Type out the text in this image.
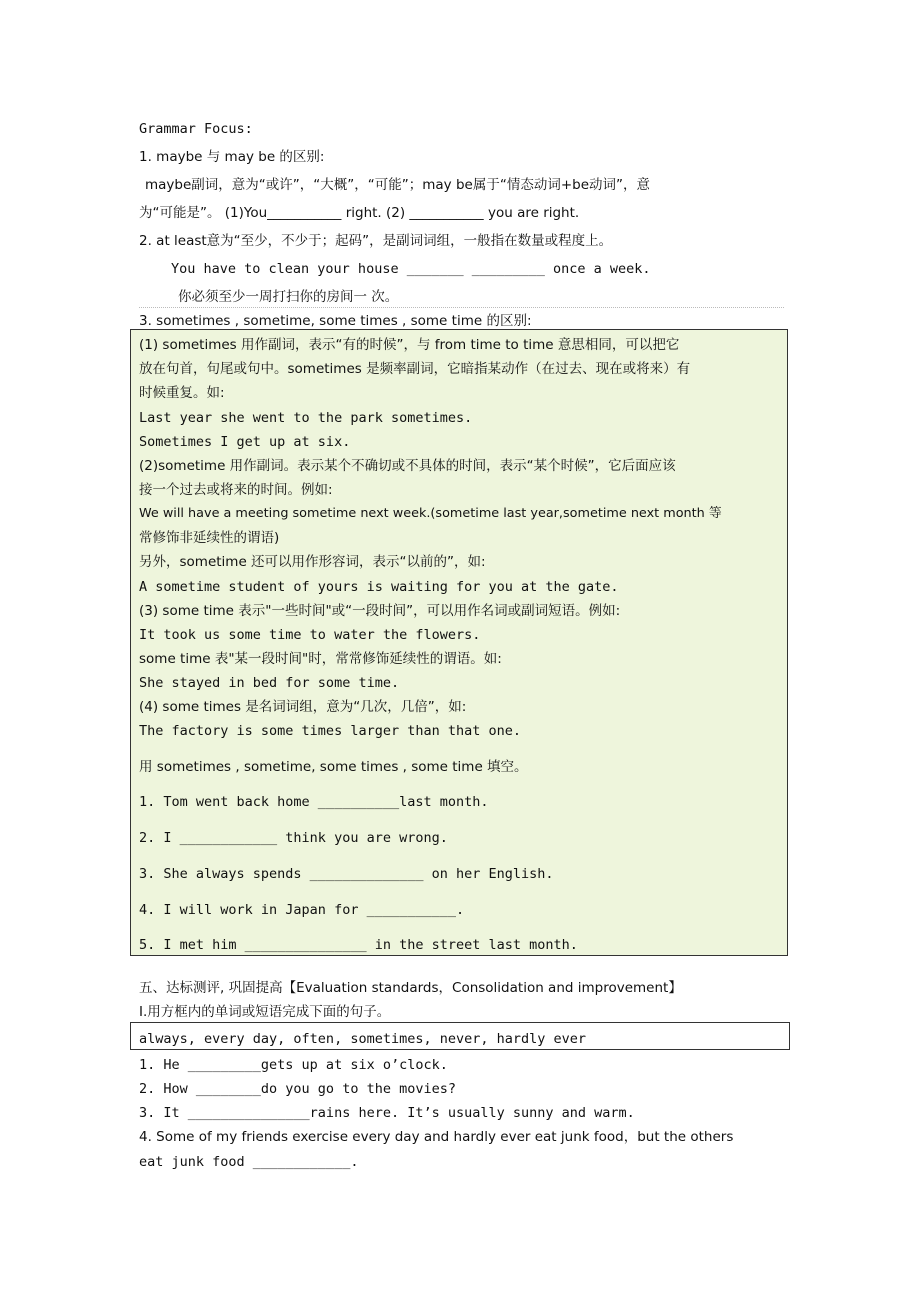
Grammar Focus:
1. maybe 与 may be 的区别:
maybe副词，意为“或许”，“大概”，“可能”；may be属于“情态动词+be动词”，意
为“可能是”。 (1)You___________ right. (2) ___________ you are right.
2. at least意为“至少，不少于；起码”，是副词词组，一般指在数量或程度上。
You have to clean your house _______ _________ once a week.
你必须至少一周打扫你的房间一 次。
3. sometimes , sometime, some times , some time 的区别:
(1) sometimes 用作副词，表示“有的时候”，与 from time to time 意思相同，可以把它
放在句首，句尾或句中。sometimes 是频率副词，它暗指某动作（在过去、现在或将来）有
时候重复。如:
Last year she went to the park sometimes.
Sometimes I get up at six.
(2)sometime 用作副词。表示某个不确切或不具体的时间，表示“某个时候”，它后面应该
接一个过去或将来的时间。例如:
We will have a meeting sometime next week.(sometime last year,sometime next month 等
常修饰非延续性的谓语)
另外，sometime 还可以用作形容词，表示“以前的”，如:
A sometime student of yours is waiting for you at the gate.
(3) some time 表示"一些时间"或“一段时间”，可以用作名词或副词短语。例如:
It took us some time to water the flowers.
some time 表"某一段时间"时，常常修饰延续性的谓语。如:
She stayed in bed for some time.
(4) some times 是名词词组，意为“几次，几倍”，如:
The factory is some times larger than that one.
用 sometimes , sometime, some times , some time 填空。
1. Tom went back home __________last month.
2. I ____________ think you are wrong.
3. She always spends ______________ on her English.
4. I will work in Japan for ___________.
5. I met him _______________ in the street last month.
五、达标测评, 巩固提高【Evaluation standards，Consolidation and improvement】
Ⅰ.用方框内的单词或短语完成下面的句子。
always, every day, often, sometimes, never, hardly ever
1. He _________gets up at six o’clock.
2. How ________do you go to the movies?
3. It _______________rains here. It’s usually sunny and warm.
4. Some of my friends exercise every day and hardly ever eat junk food，but the others
eat junk food ____________.
